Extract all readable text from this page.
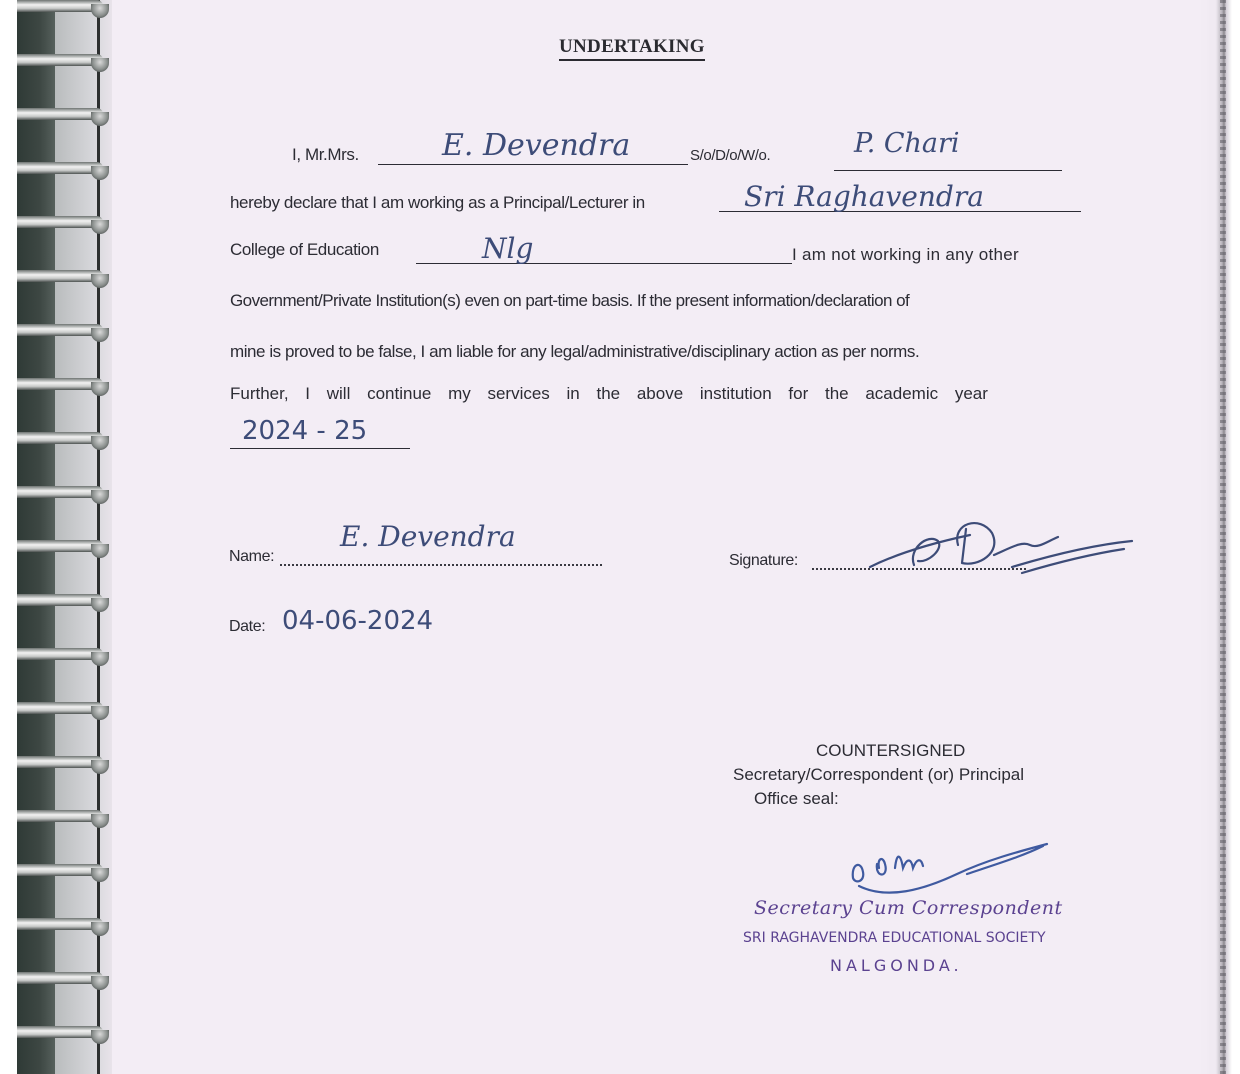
UNDERTAKING
I, Mr.Mrs.	E. Devendra	S/o/D/o/W/o.	P. Chari
hereby declare that I am working as a Principal/Lecturer in	Sri Raghavendra
College of Education	Nlg	I am not working in any other
Government/Private Institution(s) even on part-time basis. If the present information/declaration of
mine is proved to be false, I am liable for any legal/administrative/disciplinary action as per norms.
Further, I will continue my services in the above institution for the academic year
2024 - 25
Name:
E. Devendra
Signature:
Date: 04-06-2024
COUNTERSIGNED
Secretary/Correspondent (or) Principal
Office seal:
Secretary Cum Correspondent
SRI RAGHAVENDRA EDUCATIONAL SOCIETY
NALGONDA.
